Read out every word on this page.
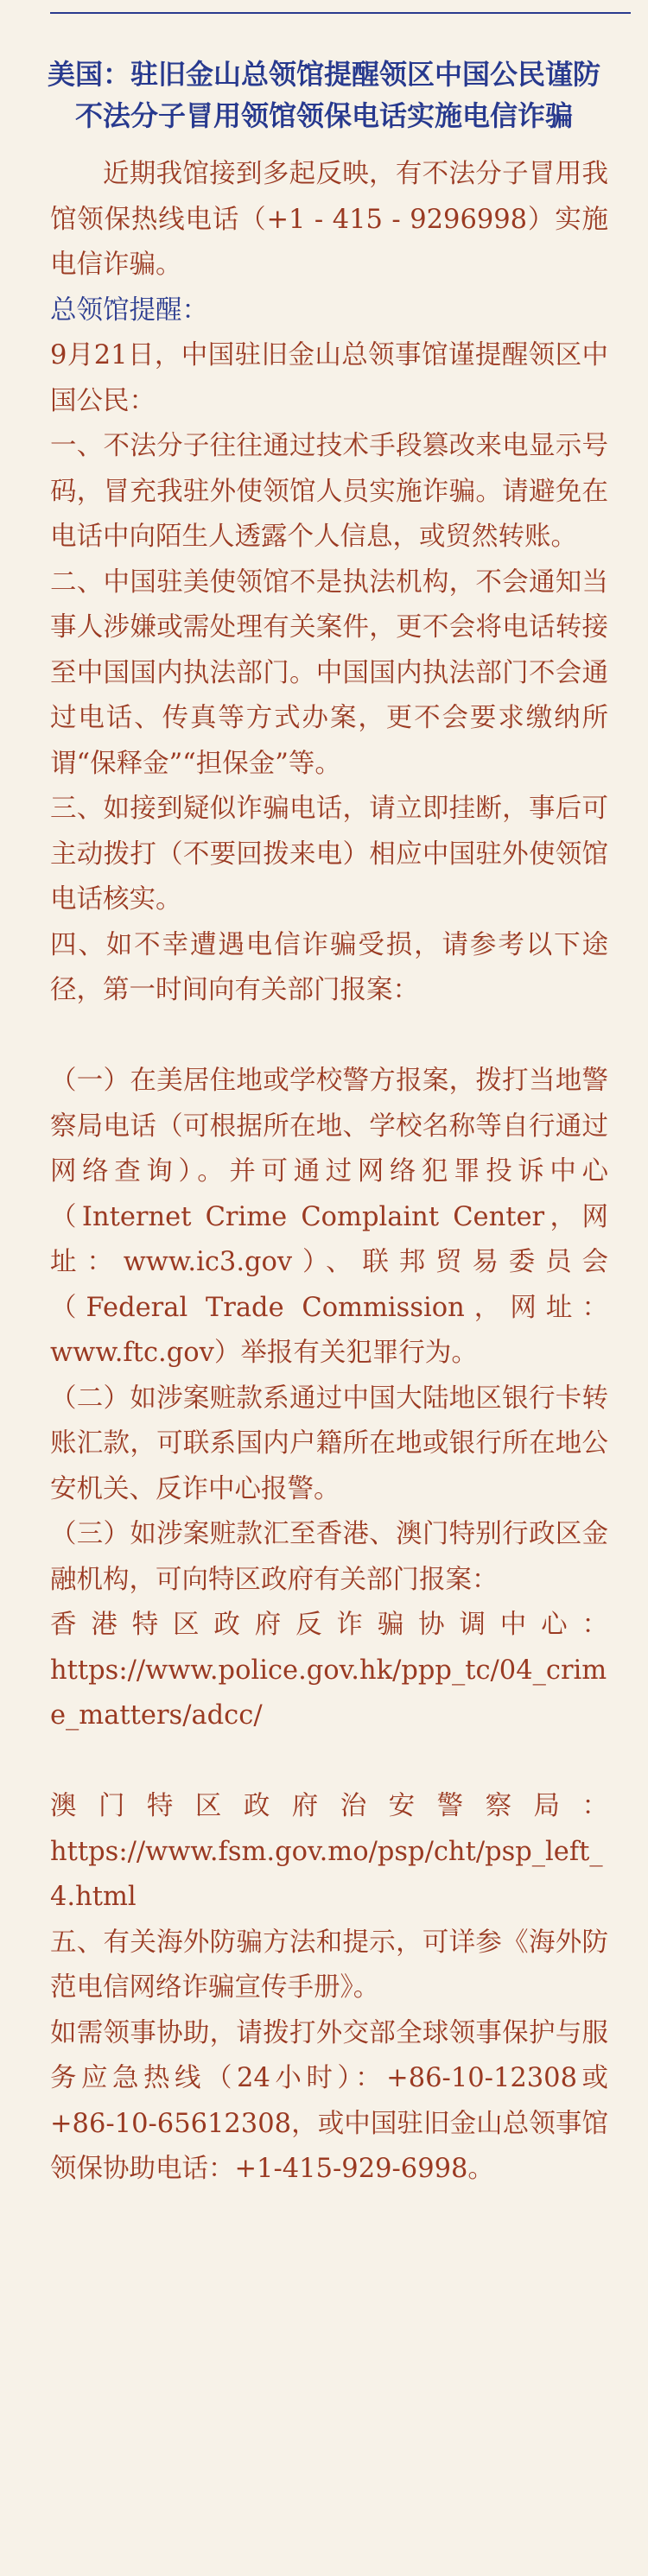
美国：驻旧金山总领馆提醒领区中国公民谨防
不法分子冒用领馆领保电话实施电信诈骗

近期我馆接到多起反映，有不法分子冒用我馆领保热线电话（+1 - 415 - 9296998）实施电信诈骗。

总领馆提醒：

9月21日，中国驻旧金山总领事馆谨提醒领区中国公民：

一、不法分子往往通过技术手段篡改来电显示号码，冒充我驻外使领馆人员实施诈骗。请避免在电话中向陌生人透露个人信息，或贸然转账。

二、中国驻美使领馆不是执法机构，不会通知当事人涉嫌或需处理有关案件，更不会将电话转接至中国国内执法部门。中国国内执法部门不会通过电话、传真等方式办案，更不会要求缴纳所谓“保释金”“担保金”等。

三、如接到疑似诈骗电话，请立即挂断，事后可主动拨打（不要回拨来电）相应中国驻外使领馆电话核实。

四、如不幸遭遇电信诈骗受损，请参考以下途径，第一时间向有关部门报案：

（一）在美居住地或学校警方报案，拨打当地警察局电话（可根据所在地、学校名称等自行通过网络查询）。并可通过网络犯罪投诉中心（Internet Crime Complaint Center，网址：www.ic3.gov）、联邦贸易委员会（Federal Trade Commission，网址：www.ftc.gov）举报有关犯罪行为。

（二）如涉案赃款系通过中国大陆地区银行卡转账汇款，可联系国内户籍所在地或银行所在地公安机关、反诈中心报警。

（三）如涉案赃款汇至香港、澳门特别行政区金融机构，可向特区政府有关部门报案：

香港特区政府反诈骗协调中心：

https://www.police.gov.hk/ppp_tc/04_crime_matters/adcc/

澳门特区政府治安警察局：

https://www.fsm.gov.mo/psp/cht/psp_left_4.html

五、有关海外防骗方法和提示，可详参《海外防范电信网络诈骗宣传手册》。

如需领事协助，请拨打外交部全球领事保护与服务应急热线（24小时）：+86-10-12308或+86-10-65612308，或中国驻旧金山总领事馆领保协助电话：+1-415-929-6998。
